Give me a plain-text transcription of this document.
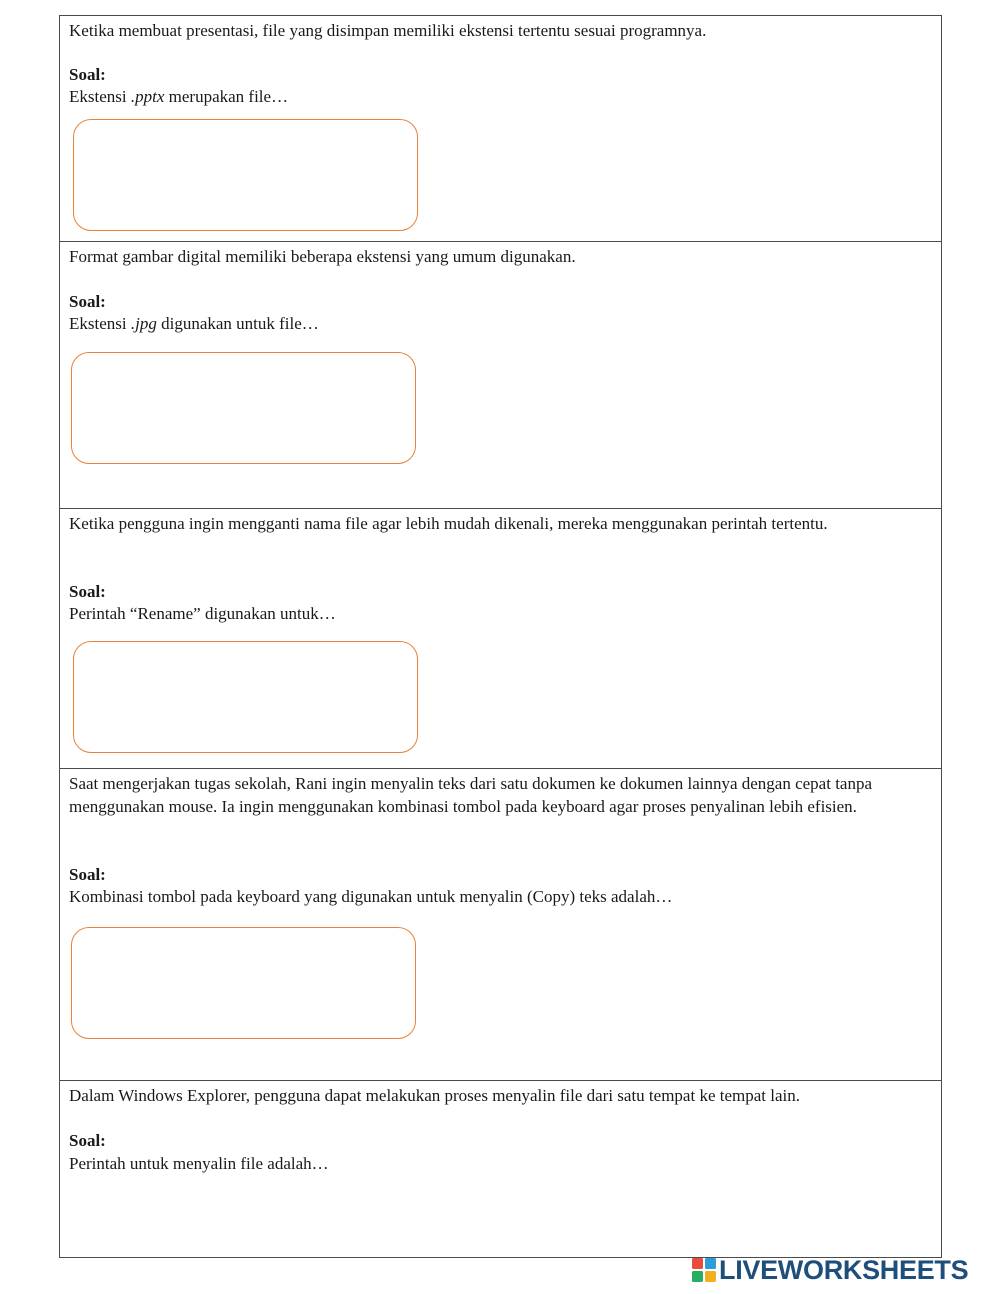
Ketika membuat presentasi, file yang disimpan memiliki ekstensi tertentu sesuai programnya.

Soal:

Ekstensi .pptx merupakan file…

Format gambar digital memiliki beberapa ekstensi yang umum digunakan.

Soal:

Ekstensi .jpg digunakan untuk file…

Ketika pengguna ingin mengganti nama file agar lebih mudah dikenali, mereka menggunakan perintah tertentu.

Soal:

Perintah “Rename” digunakan untuk…

Saat mengerjakan tugas sekolah, Rani ingin menyalin teks dari satu dokumen ke dokumen lainnya dengan cepat tanpa menggunakan mouse. Ia ingin menggunakan kombinasi tombol pada keyboard agar proses penyalinan lebih efisien.

Soal:

Kombinasi tombol pada keyboard yang digunakan untuk menyalin (Copy) teks adalah…

Dalam Windows Explorer, pengguna dapat melakukan proses menyalin file dari satu tempat ke tempat lain.

Soal:

Perintah untuk menyalin file adalah…

LIVEWORKSHEETS
